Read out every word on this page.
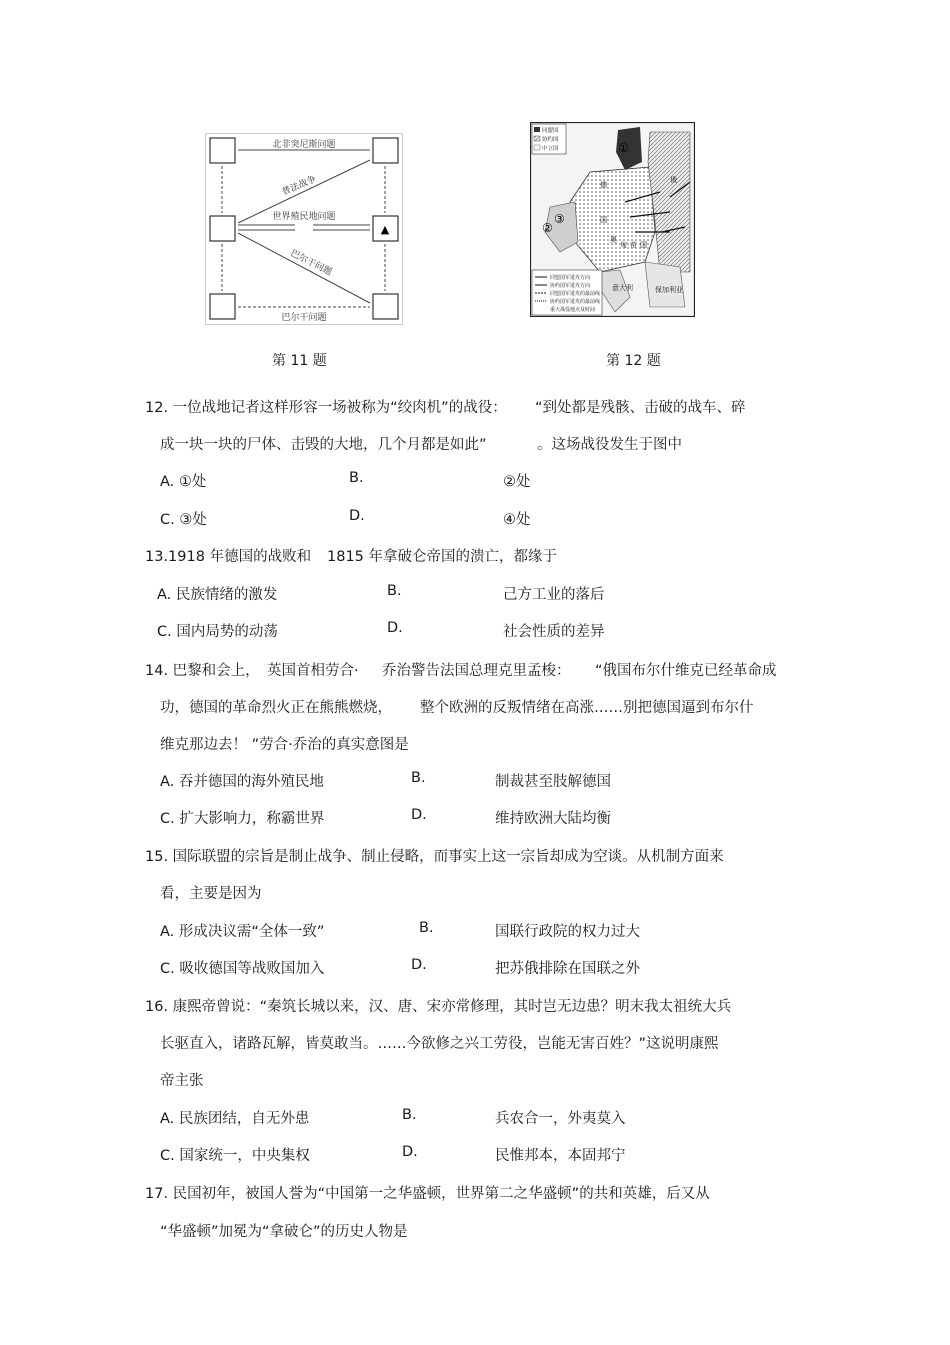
北非突尼斯问题
普法战争
世界殖民地问题
巴尔干问题
巴尔干问题
▲
同盟国
协约国
中立国
同盟国军进攻方向
协约国军进攻方向
同盟国军进攻的最前线
协约国军进攻的最前线
重大战役地点及时间
①
②
③
德
国
奥
匈 帝 国
意大利	保加利亚
俄
第 11 题	第 12 题
12. 一位战地记者这样形容一场被称为“绞肉机”的战役： “到处都是残骸、击破的战车、碎
成一块一块的尸体、击毁的大地，几个月都是如此”	。这场战役发生于图中
A. ①处	B.	②处
C. ③处	D.	④处
13.1918 年德国的战败和 1815 年拿破仑帝国的溃亡，都缘于
A. 民族情绪的激发	B.	己方工业的落后
C. 国内局势的动荡	D.	社会性质的差异
14. 巴黎和会上， 英国首相劳合· 乔治警告法国总理克里孟梭： “俄国布尔什维克已经革命成
功，德国的革命烈火正在熊熊燃烧， 整个欧洲的反叛情绪在高涨……别把德国逼到布尔什
维克那边去！ ”劳合·乔治的真实意图是
A. 吞并德国的海外殖民地	B.	制裁甚至肢解德国
C. 扩大影响力，称霸世界	D.	维持欧洲大陆均衡
15. 国际联盟的宗旨是制止战争、制止侵略，而事实上这一宗旨却成为空谈。从机制方面来
看，主要是因为
A. 形成决议需“全体一致”	B.	国联行政院的权力过大
C. 吸收德国等战败国加入	D.	把苏俄排除在国联之外
16. 康熙帝曾说：“秦筑长城以来，汉、唐、宋亦常修理，其时岂无边患？明末我太祖统大兵
长驱直入，诸路瓦解，皆莫敢当。……今欲修之兴工劳役，岂能无害百姓？”这说明康熙
帝主张
A. 民族团结，自无外患	B.	兵农合一，外夷莫入
C. 国家统一，中央集权	D.	民惟邦本，本固邦宁
17. 民国初年，被国人誉为“中国第一之华盛顿，世界第二之华盛顿”的共和英雄，后又从
“华盛顿”加冕为“拿破仑”的历史人物是
